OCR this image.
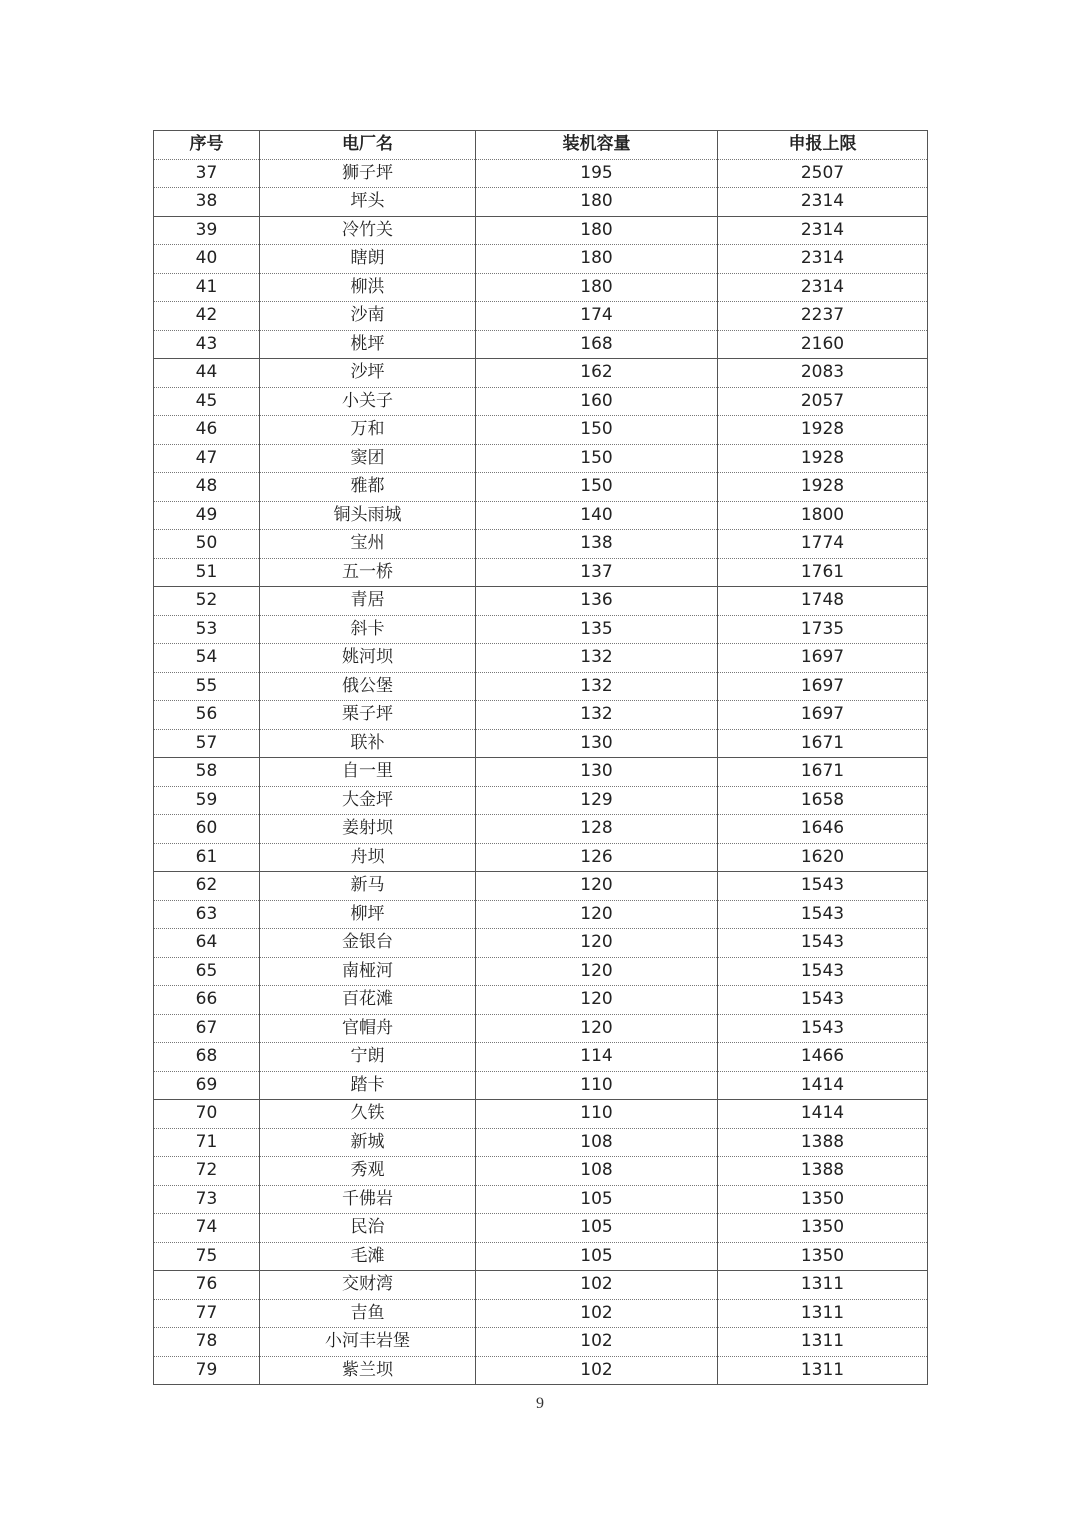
序号	电厂名	装机容量	申报上限
37	狮子坪	195	2507
38	坪头	180	2314
39	冷竹关	180	2314
40	瞎朗	180	2314
41	柳洪	180	2314
42	沙南	174	2237
43	桃坪	168	2160
44	沙坪	162	2083
45	小关子	160	2057
46	万和	150	1928
47	窦团	150	1928
48	雅都	150	1928
49	铜头雨城	140	1800
50	宝州	138	1774
51	五一桥	137	1761
52	青居	136	1748
53	斜卡	135	1735
54	姚河坝	132	1697
55	俄公堡	132	1697
56	栗子坪	132	1697
57	联补	130	1671
58	自一里	130	1671
59	大金坪	129	1658
60	姜射坝	128	1646
61	舟坝	126	1620
62	新马	120	1543
63	柳坪	120	1543
64	金银台	120	1543
65	南桠河	120	1543
66	百花滩	120	1543
67	官帽舟	120	1543
68	宁朗	114	1466
69	踏卡	110	1414
70	久铁	110	1414
71	新城	108	1388
72	秀观	108	1388
73	千佛岩	105	1350
74	民治	105	1350
75	毛滩	105	1350
76	交财湾	102	1311
77	吉鱼	102	1311
78	小河丰岩堡	102	1311
79	紫兰坝	102	1311
9
